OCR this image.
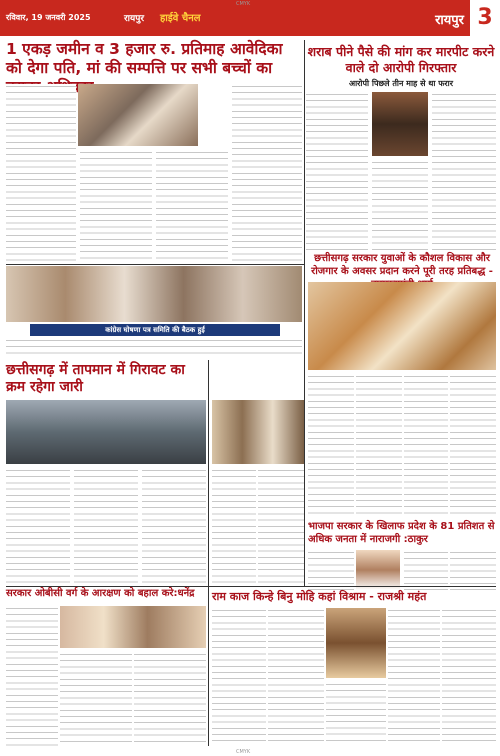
रविवार, 19 जनवरी 2025	रायपुर हाईवे चैनल	रायपुर 3
CMYK
1 एकड़ जमीन व 3 हजार रु. प्रतिमाह आवेदिका को देगा पति, मां की सम्पत्ति पर सभी बच्चों का
शराब पीने पैसे की मांग कर मारपीट करने वाले दो आरोपी गिरफ्तार
आरोपी पिछले तीन माह से था फरार
कांग्रेस घोषणा पत्र समिति की बैठक हुई
छत्तीसगढ़ सरकार युवाओं के कौशल विकास और रोजगार के अवसर प्रदान करने पूरी तरह प्रतिबद्ध -
छत्तीसगढ़ में तापमान में गिरावट का क्रम रहेगा जारी
भाजपा सरकार के खिलाफ प्रदेश के 81 प्रतिशत से अधिक जनता में नाराजगी :ठाकुर
सरकार ओबीसी वर्ग के आरक्षण को बहाल करे:धनेंद्र	राम काज किन्हे बिनु मोहि कहां विश्राम - राजश्री महंत
CMYK
